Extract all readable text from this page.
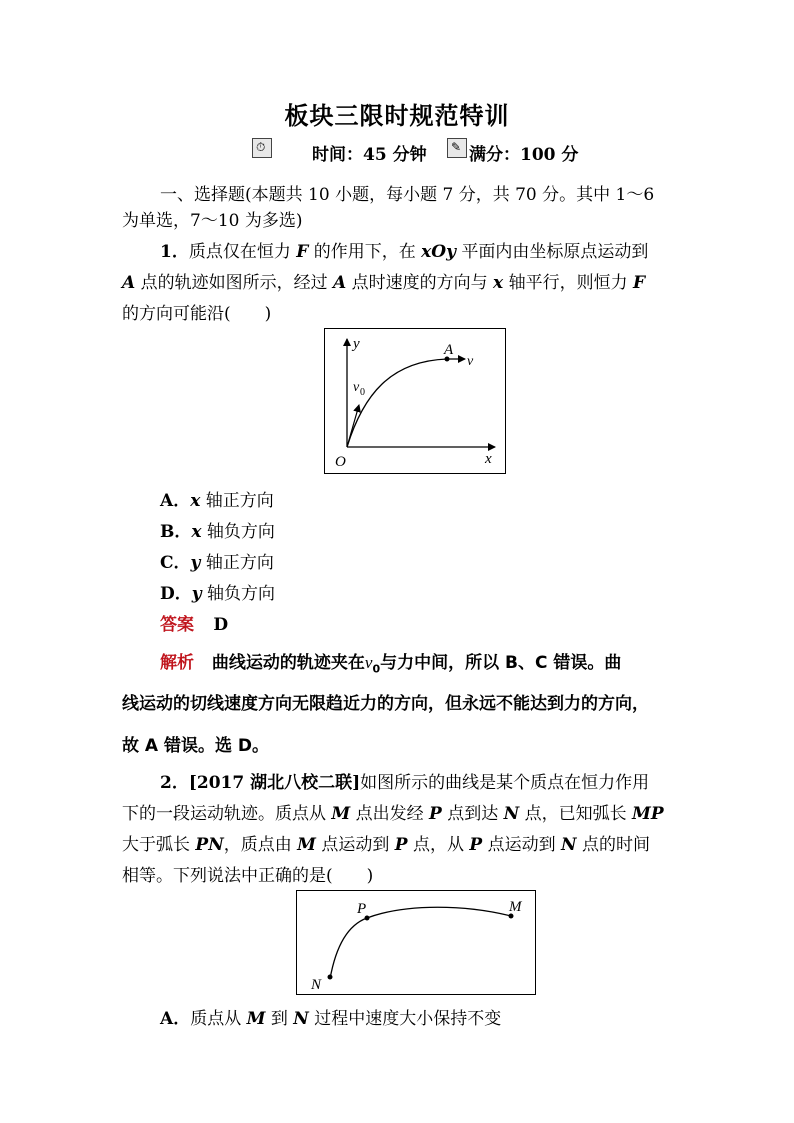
板块三限时规范特训
⏱	时间：45 分钟 ✎ 满分：100 分
一、选择题(本题共 10 小题，每小题 7 分，共 70 分。其中 1～6
为单选，7～10 为多选)
1．质点仅在恒力 F 的作用下，在 xOy 平面内由坐标原点运动到
A 点的轨迹如图所示，经过 A 点时速度的方向与 x 轴平行，则恒力 F
的方向可能沿(　　)
y
x
O
A
v
v 0
A．x 轴正方向
B．x 轴负方向
C．y 轴正方向
D．y 轴负方向
答案 D
解析 曲线运动的轨迹夹在$v_0$与力中间，所以 B、C 错误。曲
线运动的切线速度方向无限趋近力的方向，但永远不能达到力的方向，
故 A 错误。选 D。
2．[2017 湖北八校二联]如图所示的曲线是某个质点在恒力作用
下的一段运动轨迹。质点从 M 点出发经 P 点到达 N 点，已知弧长 MP
大于弧长 PN，质点由 M 点运动到 P 点，从 P 点运动到 N 点的时间
相等。下列说法中正确的是(　　)
P	M
N
A．质点从 M 到 N 过程中速度大小保持不变
